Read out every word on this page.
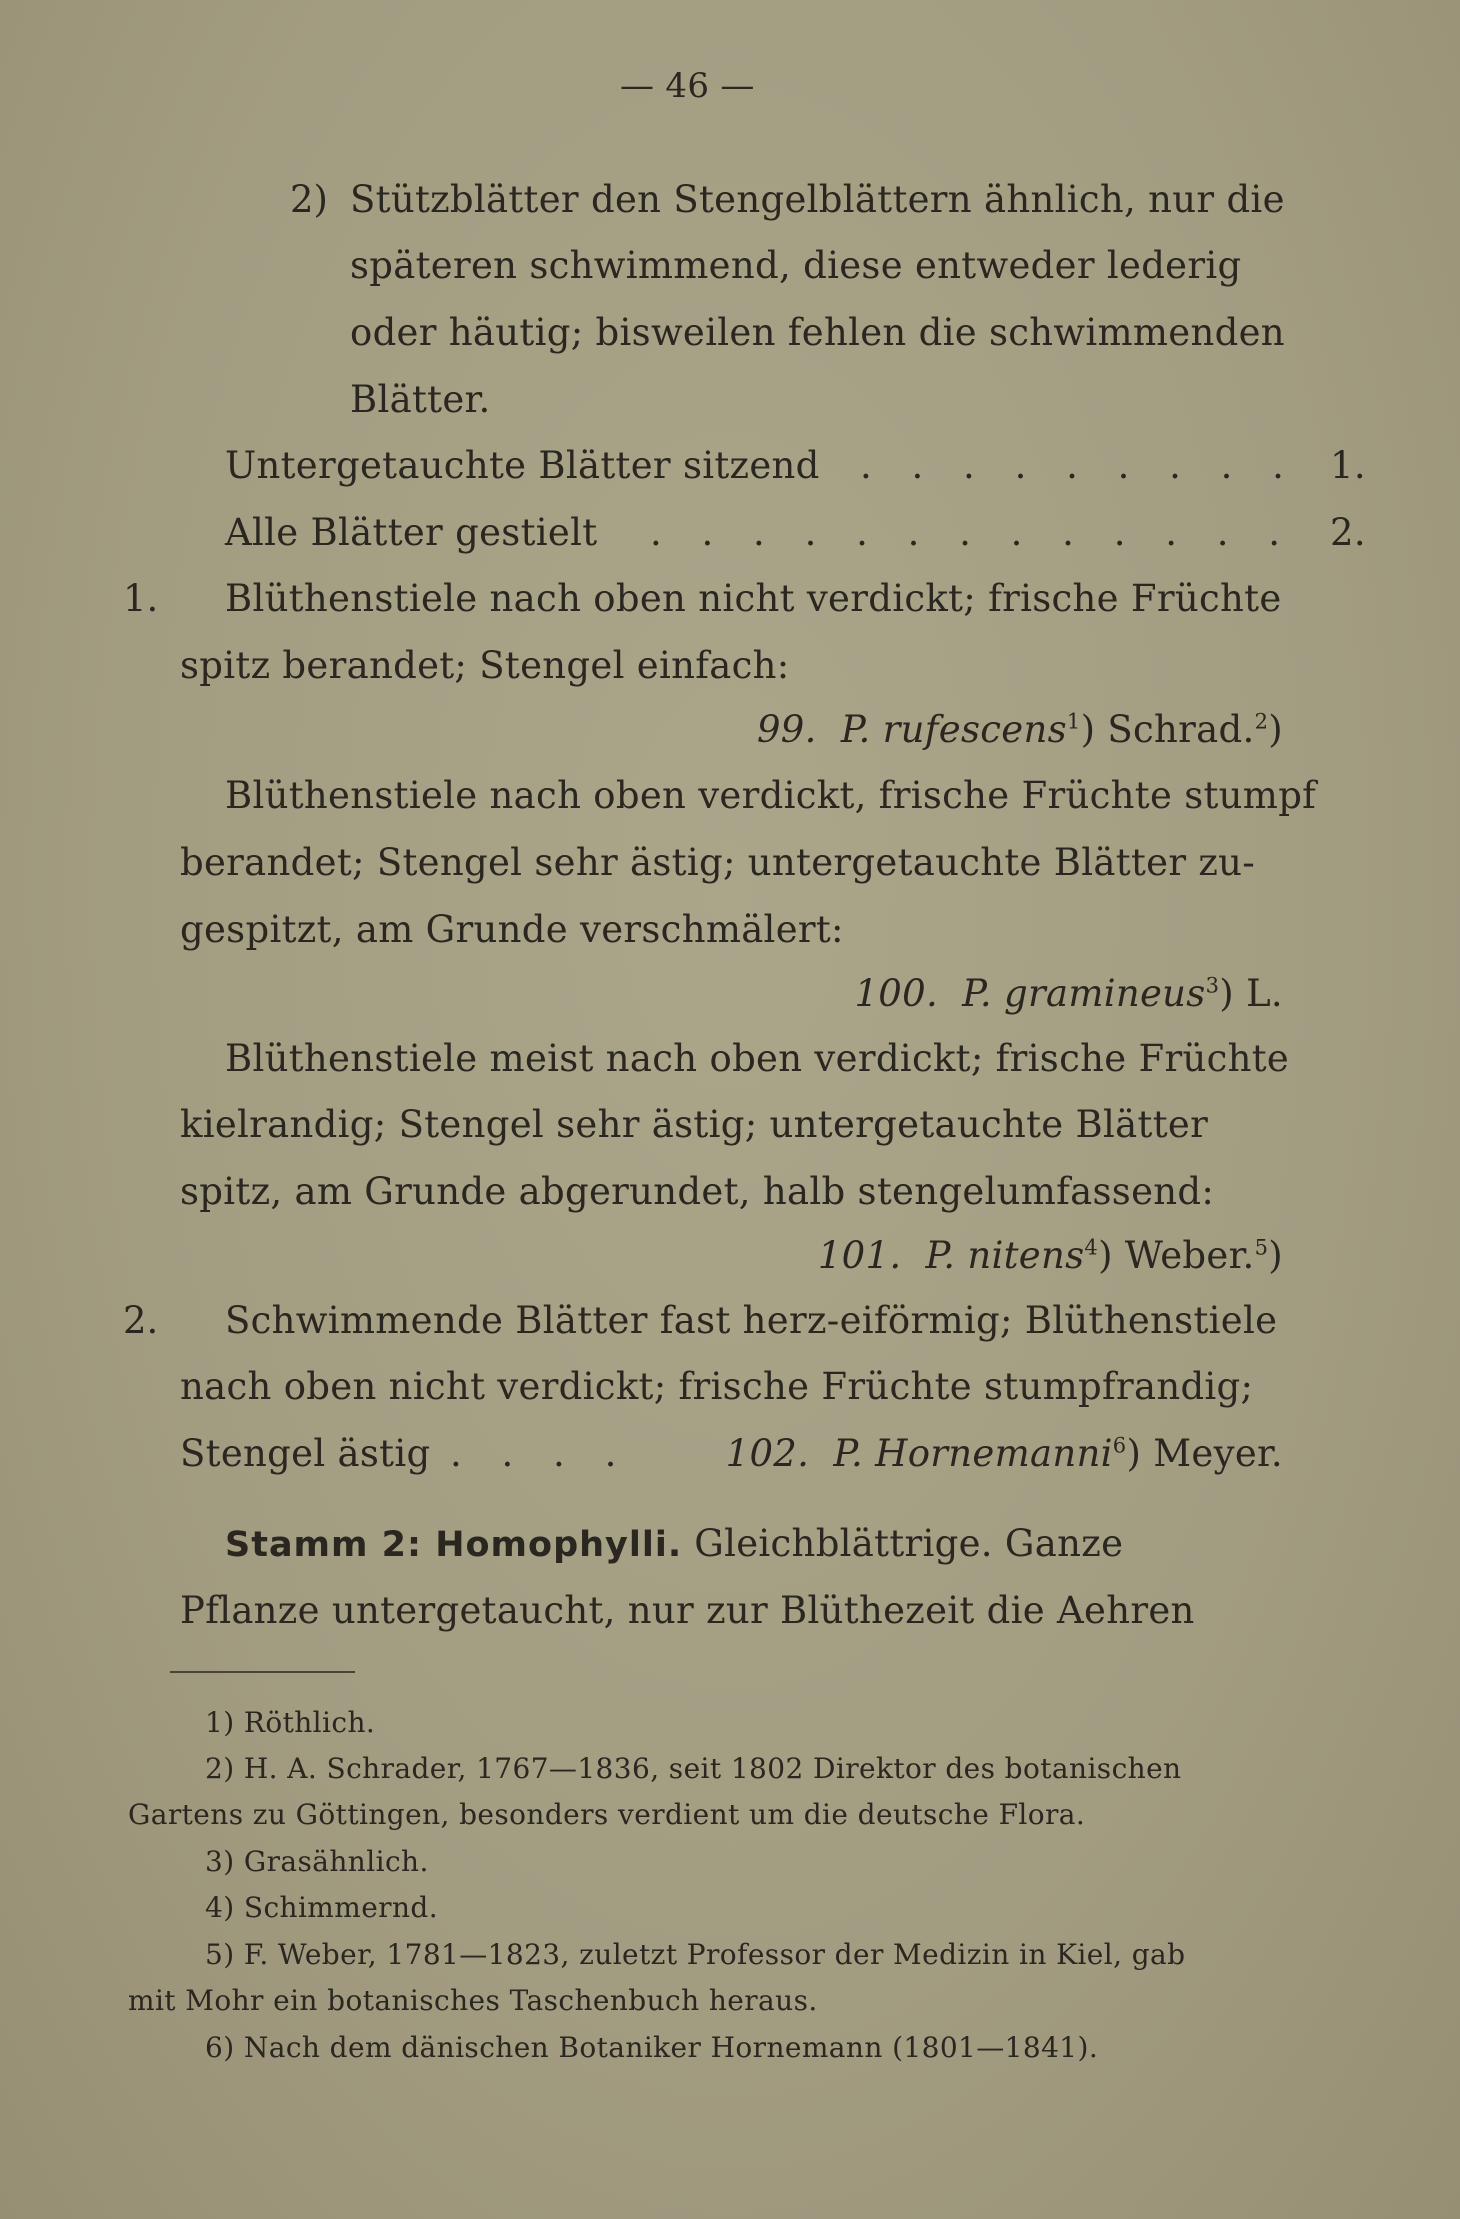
— 46 —
2) Stützblätter den Stengelblättern ähnlich, nur die
späteren schwimmend, diese entweder lederig
oder häutig; bisweilen fehlen die schwimmenden
Blätter.
Untergetauchte Blätter sitzend . . . . . . . . . 1.
Alle Blätter gestielt . . . . . . . . . . . . . 2.
1. Blüthenstiele nach oben nicht verdickt; frische Früchte
spitz berandet; Stengel einfach:
99. P. rufescens$^1$) Schrad.$^2$)
Blüthenstiele nach oben verdickt, frische Früchte stumpf
berandet; Stengel sehr ästig; untergetauchte Blätter zu-
gespitzt, am Grunde verschmälert:
100. P. gramineus$^3$) L.
Blüthenstiele meist nach oben verdickt; frische Früchte
kielrandig; Stengel sehr ästig; untergetauchte Blätter
spitz, am Grunde abgerundet, halb stengelumfassend:
101. P. nitens$^4$) Weber.$^5$)
2. Schwimmende Blätter fast herz-eiförmig; Blüthenstiele
nach oben nicht verdickt; frische Früchte stumpfrandig;
Stengel ästig . . . .	102. P. Hornemanni$^6$) Meyer.
Stamm 2: Homophylli. Gleichblättrige. Ganze
Pflanze untergetaucht, nur zur Blüthezeit die Aehren
1) Röthlich.
2) H. A. Schrader, 1767—1836, seit 1802 Direktor des botanischen
Gartens zu Göttingen, besonders verdient um die deutsche Flora.
3) Grasähnlich.
4) Schimmernd.
5) F. Weber, 1781—1823, zuletzt Professor der Medizin in Kiel, gab
mit Mohr ein botanisches Taschenbuch heraus.
6) Nach dem dänischen Botaniker Hornemann (1801—1841).
